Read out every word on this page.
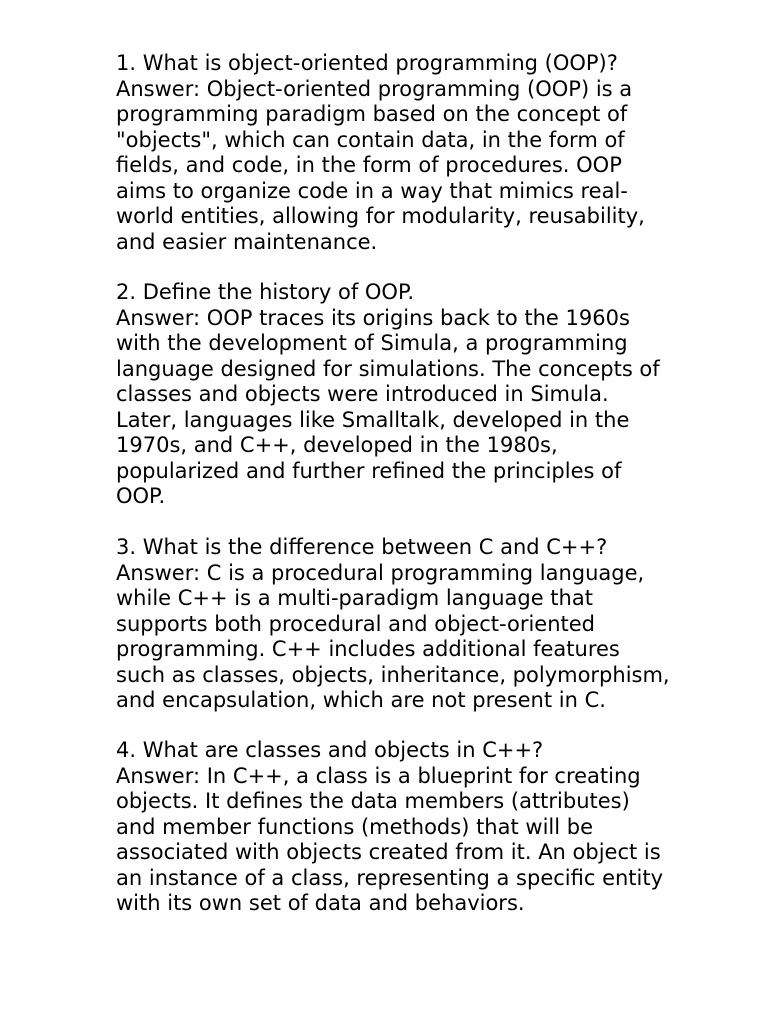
1. What is object-oriented programming (OOP)?
Answer: Object-oriented programming (OOP) is a
programming paradigm based on the concept of
"objects", which can contain data, in the form of
fields, and code, in the form of procedures. OOP
aims to organize code in a way that mimics real-
world entities, allowing for modularity, reusability,
and easier maintenance.
2. Define the history of OOP.
Answer: OOP traces its origins back to the 1960s
with the development of Simula, a programming
language designed for simulations. The concepts of
classes and objects were introduced in Simula.
Later, languages like Smalltalk, developed in the
1970s, and C++, developed in the 1980s,
popularized and further refined the principles of
OOP.
3. What is the difference between C and C++?
Answer: C is a procedural programming language,
while C++ is a multi-paradigm language that
supports both procedural and object-oriented
programming. C++ includes additional features
such as classes, objects, inheritance, polymorphism,
and encapsulation, which are not present in C.
4. What are classes and objects in C++?
Answer: In C++, a class is a blueprint for creating
objects. It defines the data members (attributes)
and member functions (methods) that will be
associated with objects created from it. An object is
an instance of a class, representing a specific entity
with its own set of data and behaviors.
